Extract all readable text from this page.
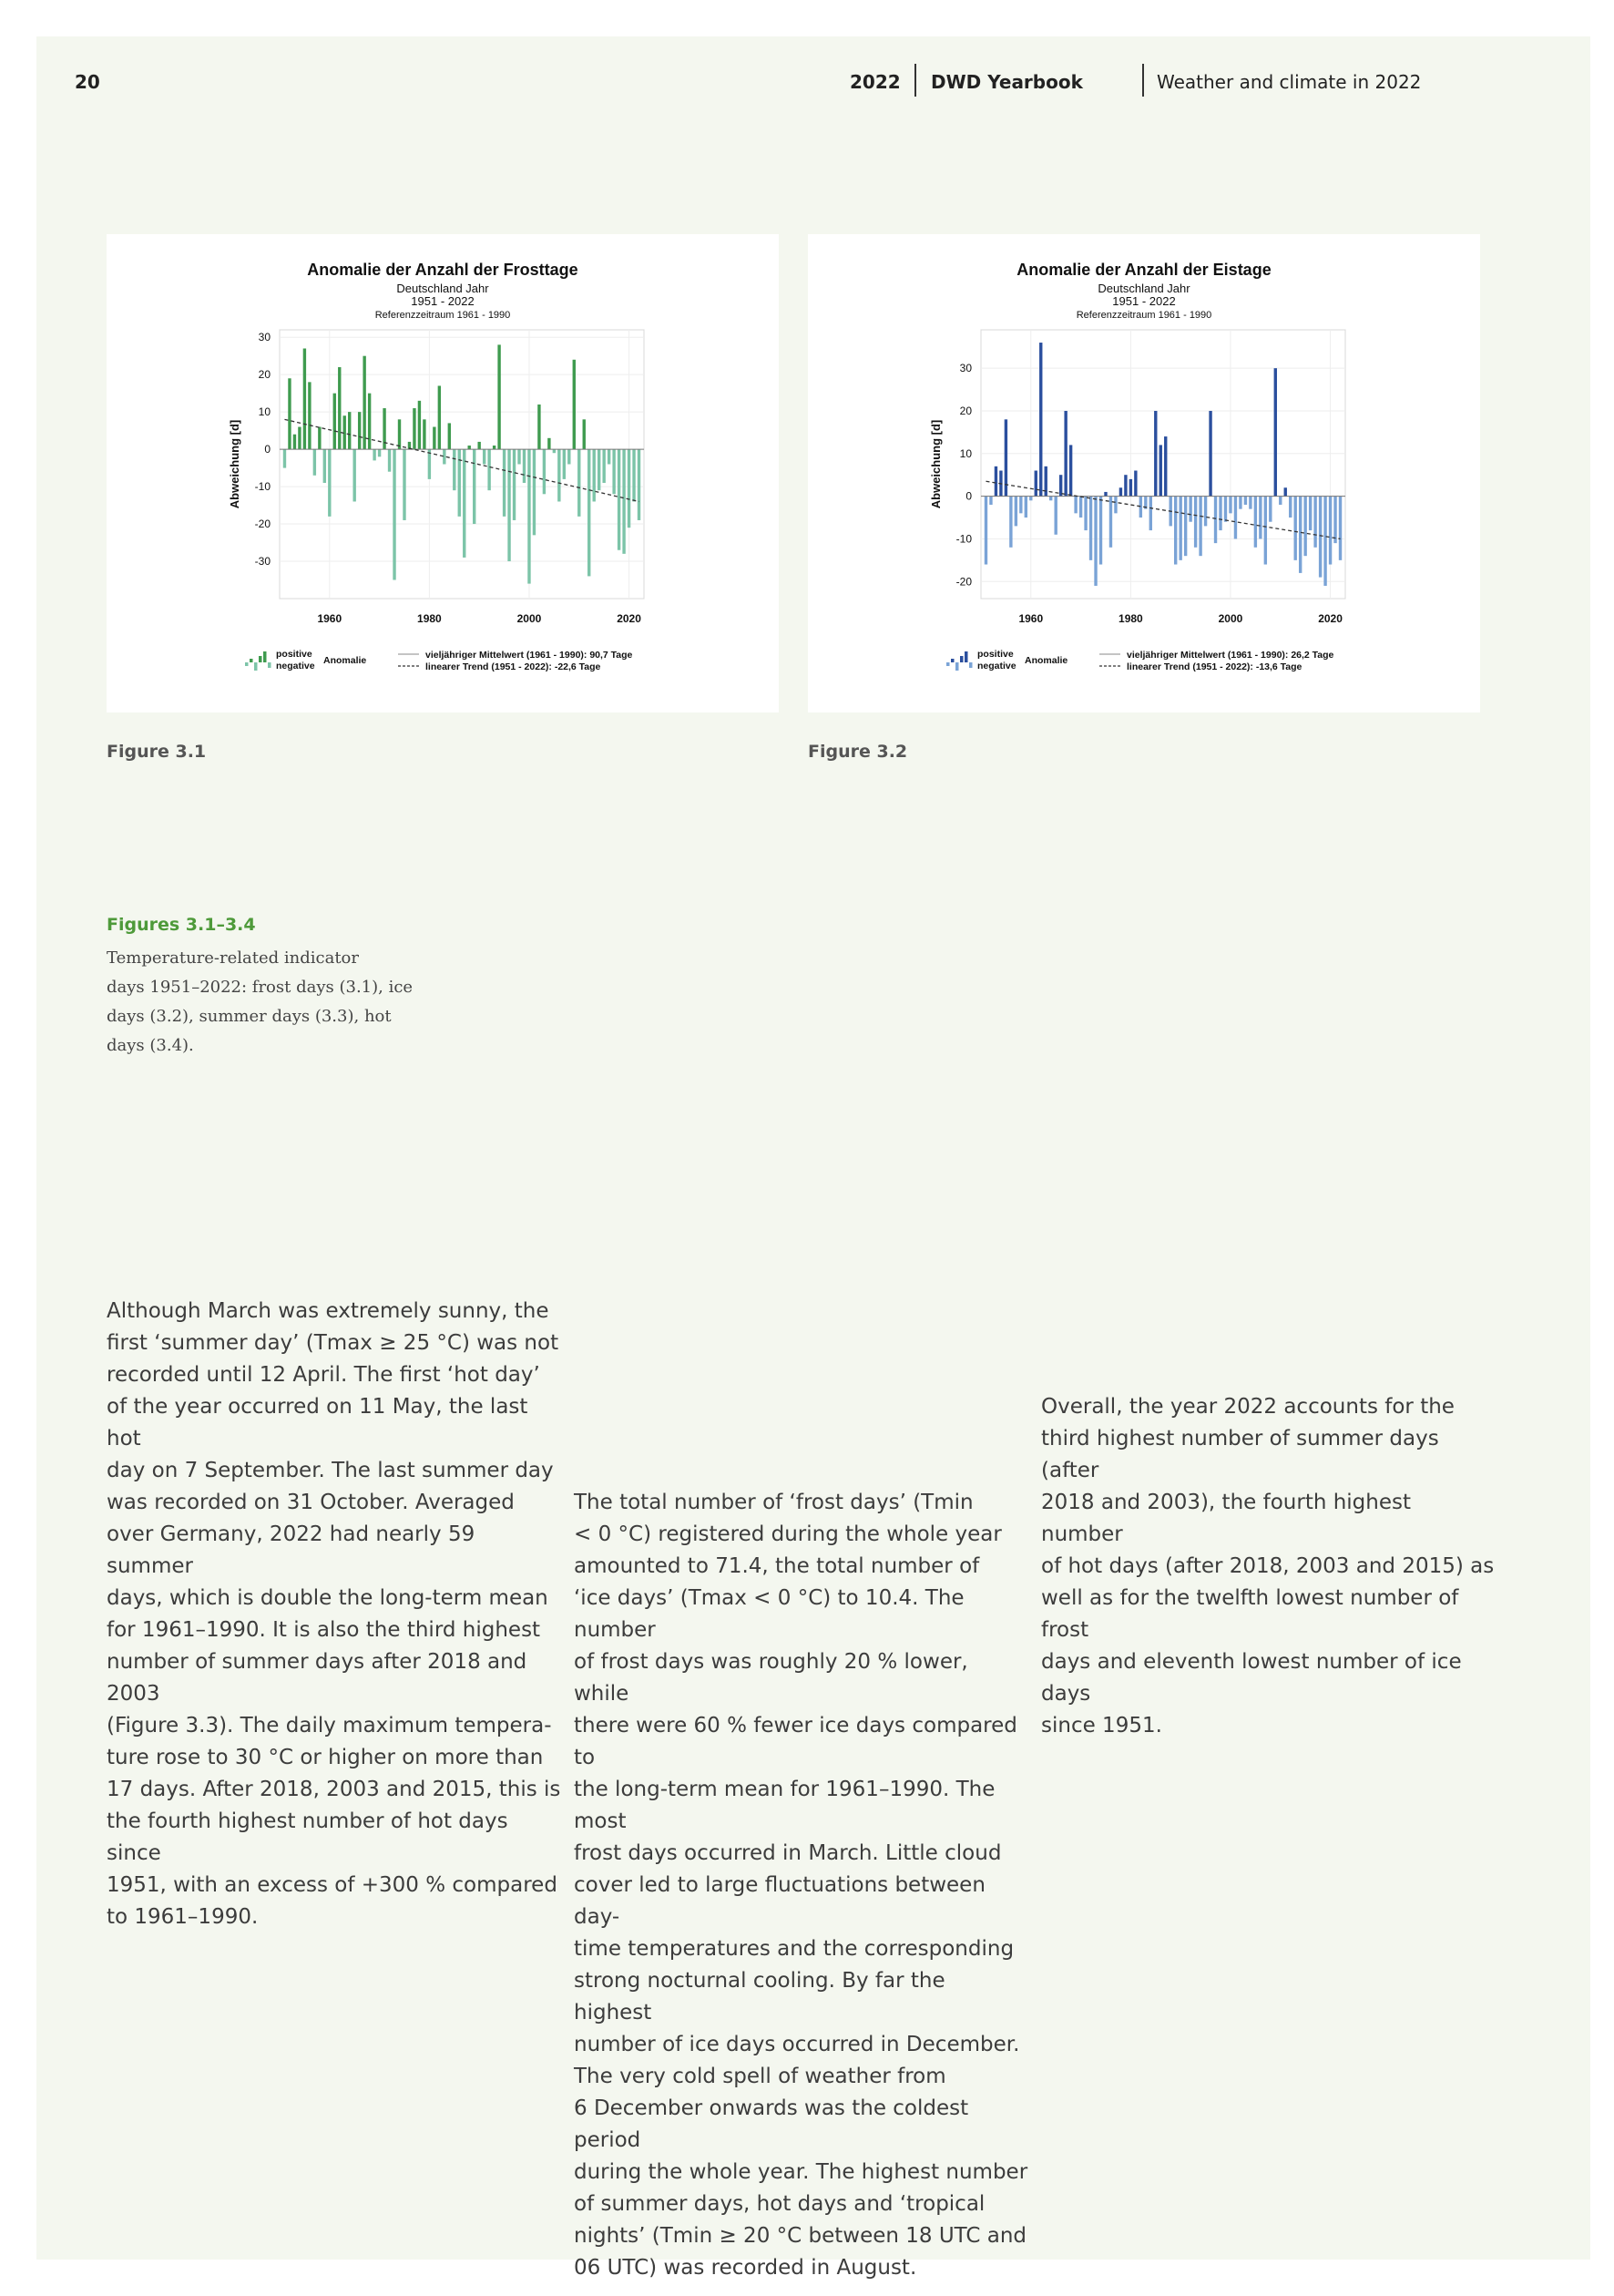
20	2022 DWD Yearbook	Weather and climate in 2022
Anomalie der Anzahl der Frosttage
Deutschland Jahr
1951 - 2022
Referenzzeitraum 1961 - 1990
30
20
10
0
-10
-20
-30
1960	1980	2000	2020
Abweichung [d]
positive
negative Anomalie	vieljähriger Mittelwert (1961 - 1990): 90,7 Tage
linearer Trend (1951 - 2022): -22,6 Tage
Figure 3.1
Anomalie der Anzahl der Eistage
Deutschland Jahr
1951 - 2022
Referenzzeitraum 1961 - 1990
30
20
10
0
-10
-20
1960	1980	2000	2020
Abweichung [d]
positive
negative Anomalie	vieljähriger Mittelwert (1961 - 1990): 26,2 Tage
linearer Trend (1951 - 2022): -13,6 Tage
Figure 3.2
Figures 3.1–3.4
Temperature-related indicator
days 1951–2022: frost days (3.1), ice
days (3.2), summer days (3.3), hot
days (3.4).
Although March was extremely sunny, the
first ‘summer day’ (Tmax ≥ 25 °C) was not
recorded until 12 April. The first ‘hot day’
of the year occurred on 11 May, the last hot
day on 7 September. The last summer day
was recorded on 31 October. Averaged
over Germany, 2022 had nearly 59 summer
days, which is double the long-term mean
for 1961–1990. It is also the third highest
number of summer days after 2018 and 2003
(Figure 3.3). The daily maximum tempera-
ture rose to 30 °C or higher on more than
17 days. After 2018, 2003 and 2015, this is
the fourth highest number of hot days since
1951, with an excess of +300 % compared
to 1961–1990.
The total number of ‘frost days’ (Tmin
< 0 °C) registered during the whole year
amounted to 71.4, the total number of
‘ice days’ (Tmax < 0 °C) to 10.4. The number
of frost days was roughly 20 % lower, while
there were 60 % fewer ice days compared to
the long-term mean for 1961–1990. The most
frost days occurred in March. Little cloud
cover led to large fluctuations between day-
time temperatures and the corresponding
strong nocturnal cooling. By far the highest
number of ice days occurred in December.
The very cold spell of weather from
6 December onwards was the coldest period
during the whole year. The highest number
of summer days, hot days and ‘tropical
nights’ (Tmin ≥ 20 °C between 18 UTC and
06 UTC) was recorded in August.
Overall, the year 2022 accounts for the
third highest number of summer days (after
2018 and 2003), the fourth highest number
of hot days (after 2018, 2003 and 2015) as
well as for the twelfth lowest number of frost
days and eleventh lowest number of ice days
since 1951.
